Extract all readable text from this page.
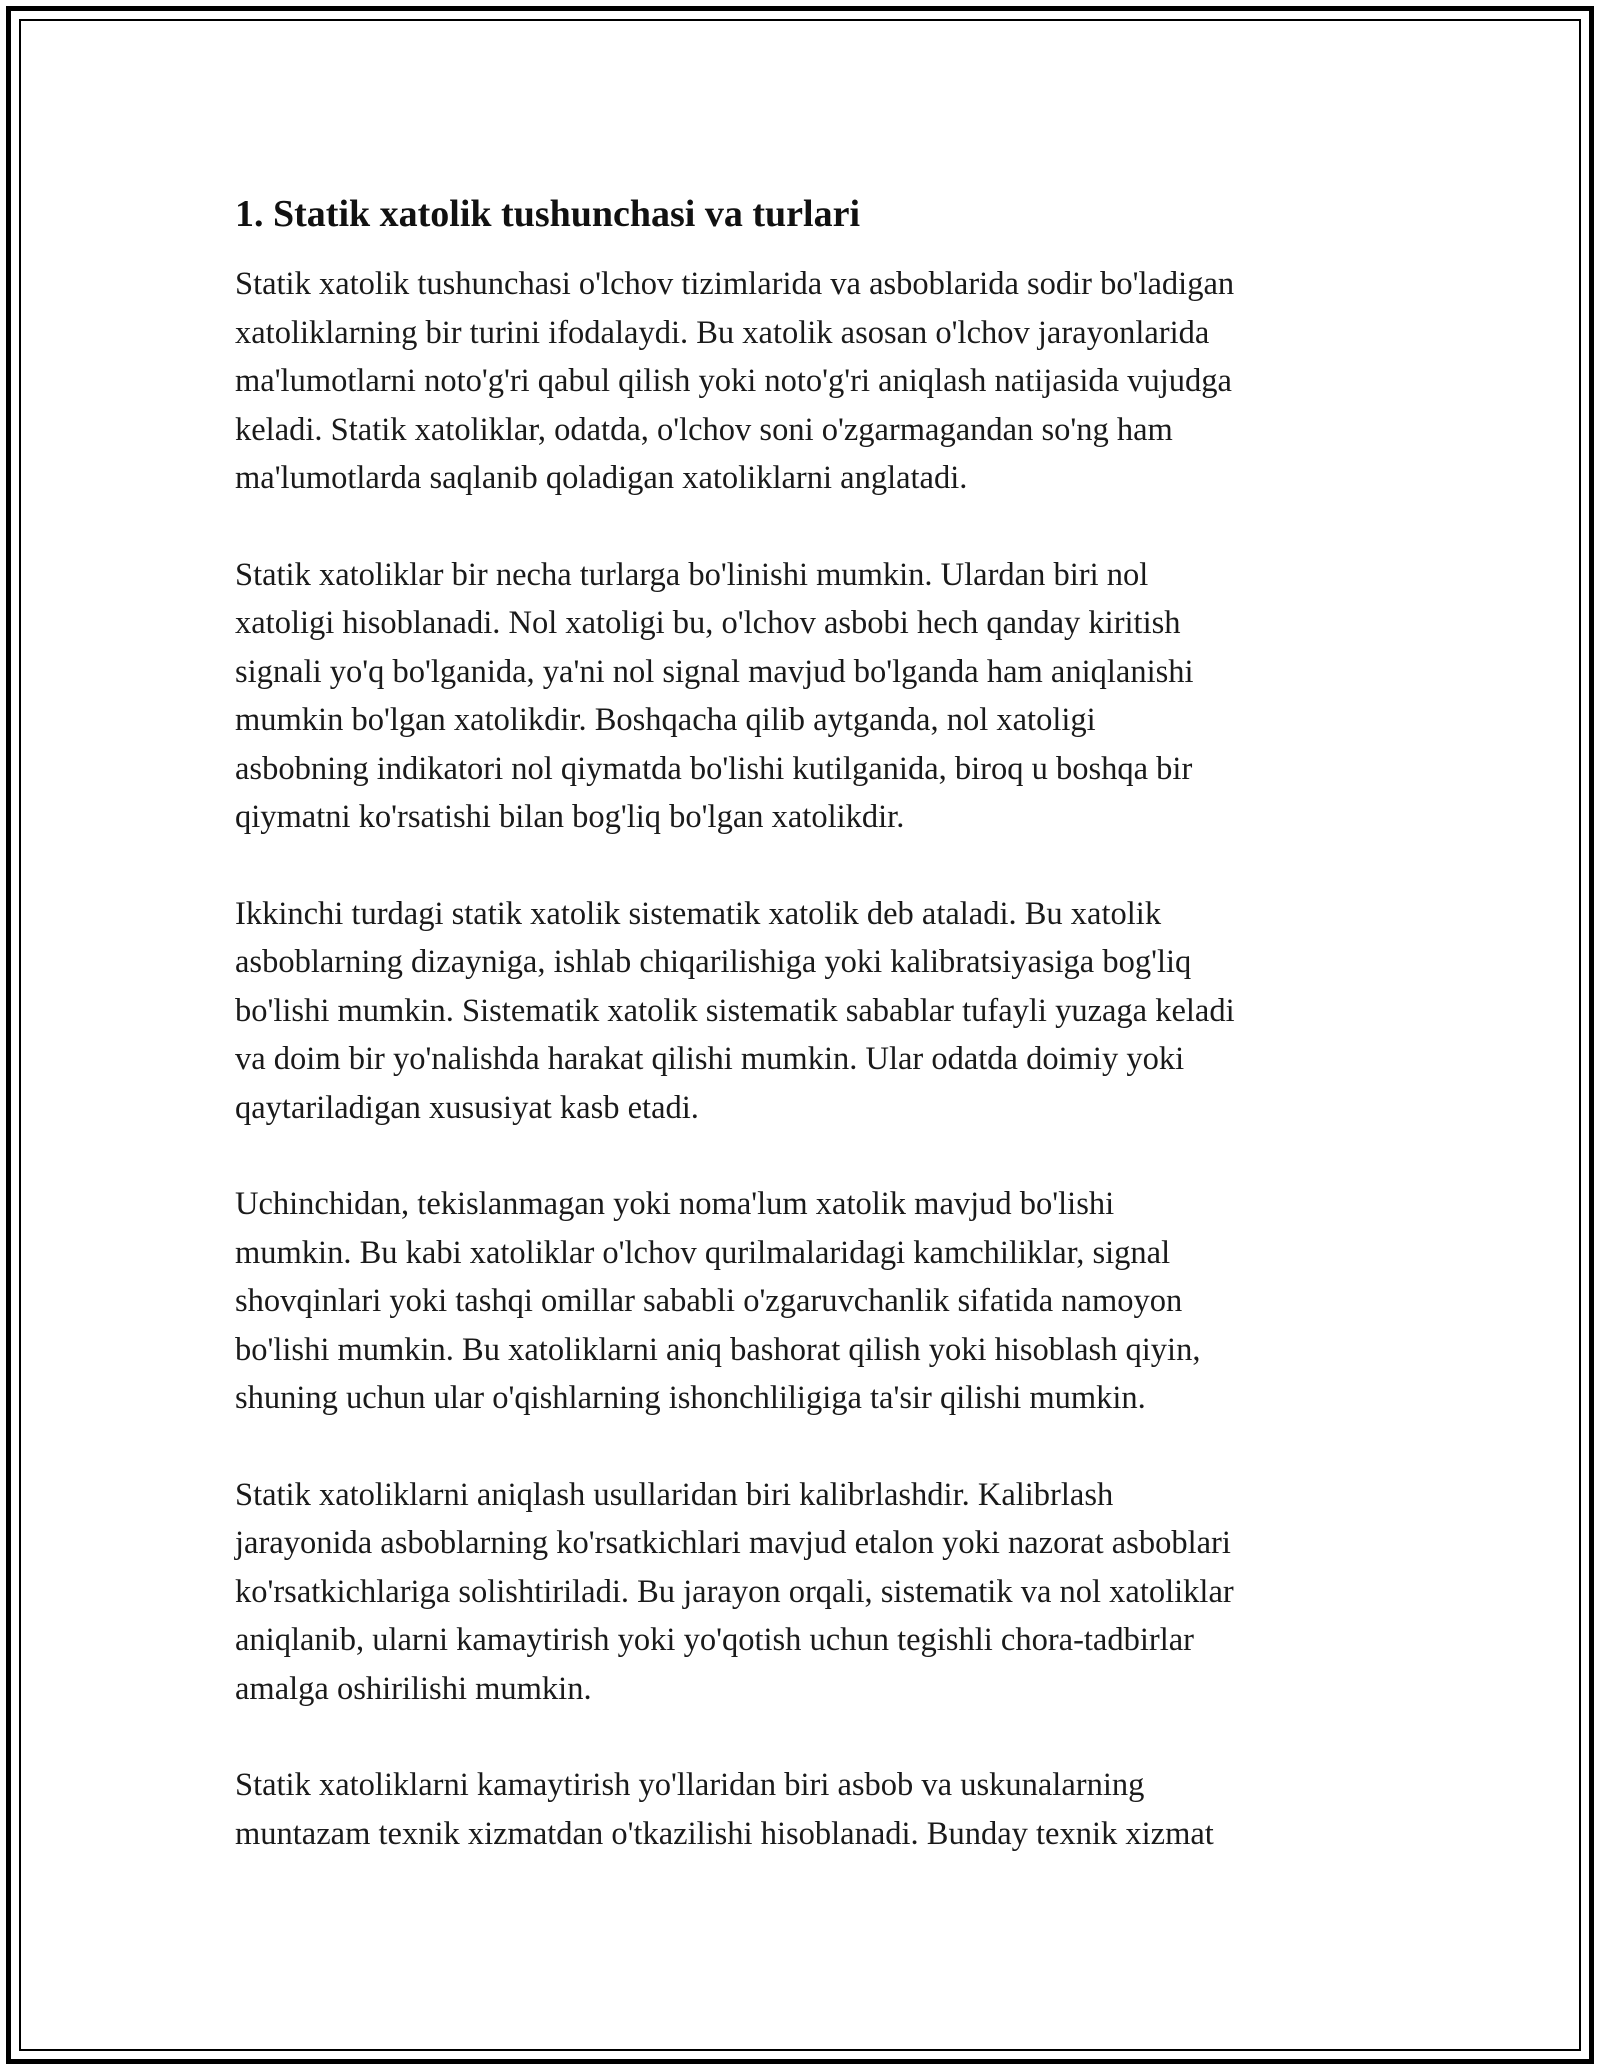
1. Statik xatolik tushunchasi va turlari

Statik xatolik tushunchasi o'lchov tizimlarida va asboblarida sodir bo'ladigan
xatoliklarning bir turini ifodalaydi. Bu xatolik asosan o'lchov jarayonlarida
ma'lumotlarni noto'g'ri qabul qilish yoki noto'g'ri aniqlash natijasida vujudga
keladi. Statik xatoliklar, odatda, o'lchov soni o'zgarmagandan so'ng ham
ma'lumotlarda saqlanib qoladigan xatoliklarni anglatadi.

Statik xatoliklar bir necha turlarga bo'linishi mumkin. Ulardan biri nol
xatoligi hisoblanadi. Nol xatoligi bu, o'lchov asbobi hech qanday kiritish
signali yo'q bo'lganida, ya'ni nol signal mavjud bo'lganda ham aniqlanishi
mumkin bo'lgan xatolikdir. Boshqacha qilib aytganda, nol xatoligi
asbobning indikatori nol qiymatda bo'lishi kutilganida, biroq u boshqa bir
qiymatni ko'rsatishi bilan bog'liq bo'lgan xatolikdir.

Ikkinchi turdagi statik xatolik sistematik xatolik deb ataladi. Bu xatolik
asboblarning dizayniga, ishlab chiqarilishiga yoki kalibratsiyasiga bog'liq
bo'lishi mumkin. Sistematik xatolik sistematik sabablar tufayli yuzaga keladi
va doim bir yo'nalishda harakat qilishi mumkin. Ular odatda doimiy yoki
qaytariladigan xususiyat kasb etadi.

Uchinchidan, tekislanmagan yoki noma'lum xatolik mavjud bo'lishi
mumkin. Bu kabi xatoliklar o'lchov qurilmalaridagi kamchiliklar, signal
shovqinlari yoki tashqi omillar sababli o'zgaruvchanlik sifatida namoyon
bo'lishi mumkin. Bu xatoliklarni aniq bashorat qilish yoki hisoblash qiyin,
shuning uchun ular o'qishlarning ishonchliligiga ta'sir qilishi mumkin.

Statik xatoliklarni aniqlash usullaridan biri kalibrlashdir. Kalibrlash
jarayonida asboblarning ko'rsatkichlari mavjud etalon yoki nazorat asboblari
ko'rsatkichlariga solishtiriladi. Bu jarayon orqali, sistematik va nol xatoliklar
aniqlanib, ularni kamaytirish yoki yo'qotish uchun tegishli chora-tadbirlar
amalga oshirilishi mumkin.

Statik xatoliklarni kamaytirish yo'llaridan biri asbob va uskunalarning
muntazam texnik xizmatdan o'tkazilishi hisoblanadi. Bunday texnik xizmat
